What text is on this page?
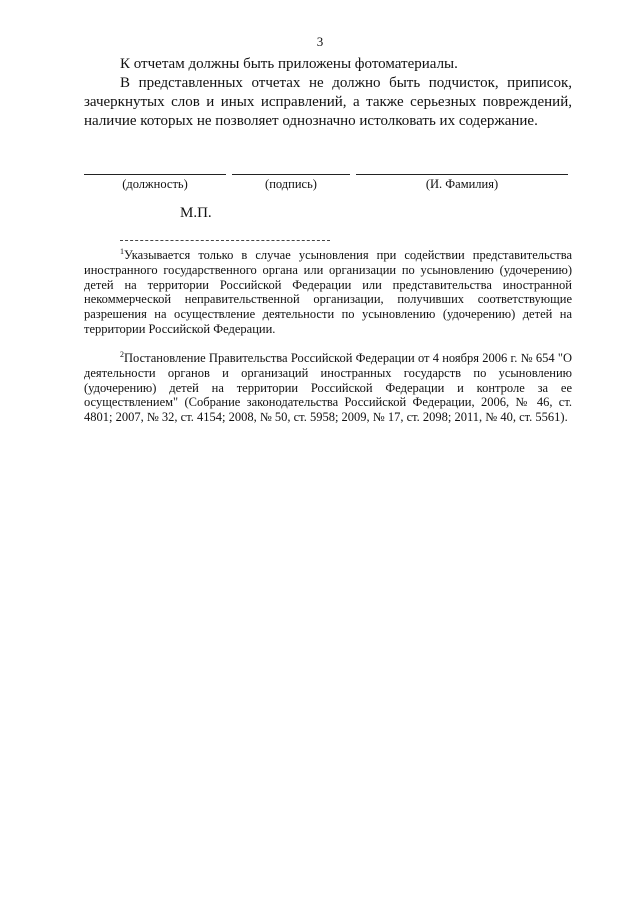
3
К отчетам должны быть приложены фотоматериалы.
В представленных отчетах не должно быть подчисток, приписок, зачеркнутых слов и иных исправлений, а также серьезных повреждений, наличие которых не позволяет однозначно истолковать их содержание.
(должность)	(подпись)	(И. Фамилия)
М.П.
$^1$Указывается только в случае усыновления при содействии представительства иностранного государственного органа или организации по усыновлению (удочерению) детей на территории Российской Федерации или представительства иностранной некоммерческой неправительственной организации, получивших соответствующие разрешения на осуществление деятельности по усыновлению (удочерению) детей на территории Российской Федерации.
$^2$Постановление Правительства Российской Федерации от 4 ноября 2006 г. № 654 "О деятельности органов и организаций иностранных государств по усыновлению (удочерению) детей на территории Российской Федерации и контроле за ее осуществлением" (Собрание законодательства Российской Федерации, 2006, № 46, ст. 4801; 2007, № 32, ст. 4154; 2008, № 50, ст. 5958; 2009, № 17, ст. 2098; 2011, № 40, ст. 5561).
